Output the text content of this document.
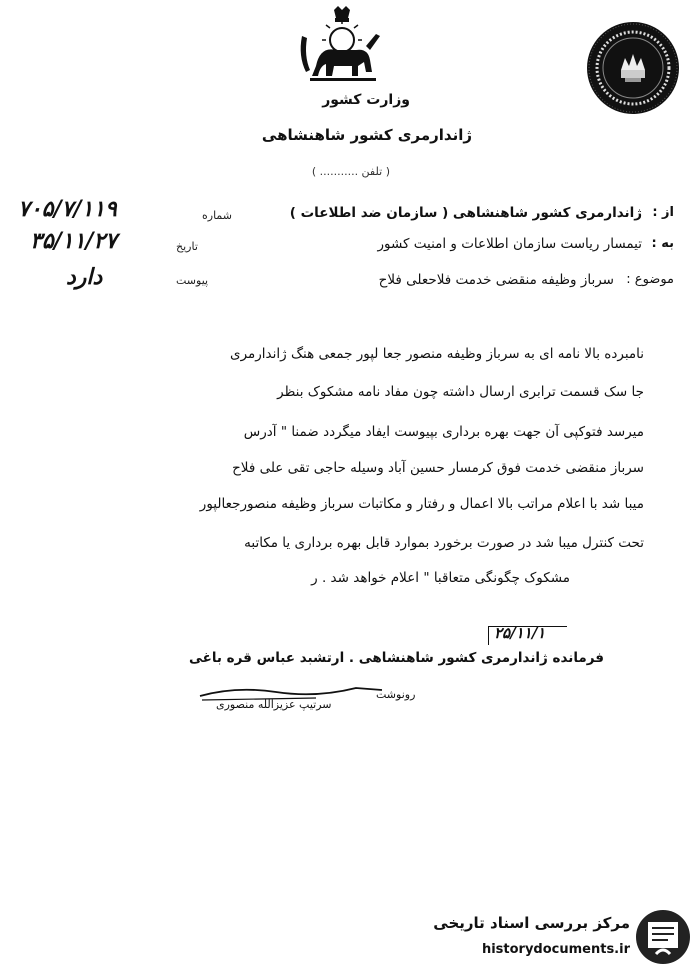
وزارت کشور
ژاندارمری کشور شاهنشاهی
( تلفن ........... )
از :
ژاندارمری کشور شاهنشاهی ( سازمان ضد اطلاعات )
به :
تیمسار ریاست سازمان اطلاعات و امنیت کشور
موضوع :
سرباز وظیفه منقضی خدمت فلاحعلی فلاح
شماره
۷۰۵/۷/۱۱۹
تاریخ
۳۵/۱۱/۲۷
پیوست
دارد
نامبرده بالا نامه ای به سرباز وظیفه منصور جعا لپور جمعی هنگ ژاندارمری
جا سک قسمت ترابری ارسال داشته چون مفاد نامه مشکوک بنظر
میرسد فتوکپی آن جهت بهره برداری بپیوست ایفاد میگردد ضمنا " آدرس
سرباز منقضی خدمت فوق کرمسار حسین آباد وسیله حاجی تقی علی فلاح
میبا شد با اعلام مراتب بالا اعمال و رفتار و مکاتبات سرباز وظیفه منصورجعالپور
تحت کنترل میبا شد در صورت برخورد بموارد قابل بهره برداری یا مکاتبه
مشکوک چگونگی متعاقبا " اعلام خواهد شد . ر
۲۵/۱۱/۱
فرمانده ژاندارمری کشور شاهنشاهی . ارتشبد عباس قره باغی
رونوشت
سرتیپ عزیزالله منصوری
مرکز بررسی اسناد تاریخی
historydocuments.ir
